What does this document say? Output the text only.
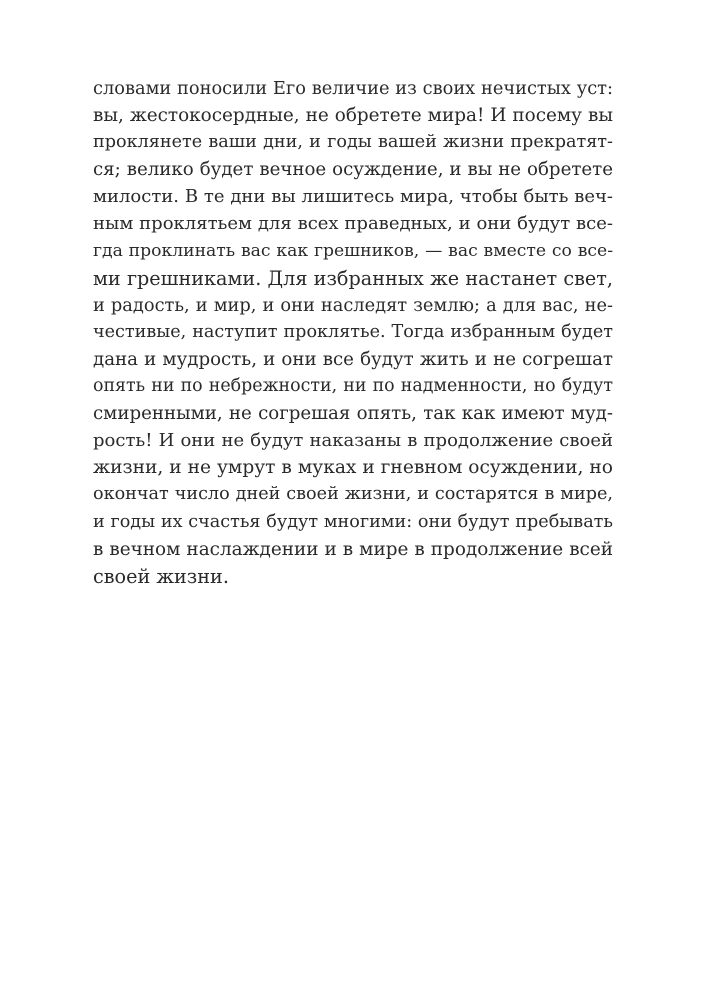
словами поносили Его величие из своих нечистых уст:
вы, жестокосердные, не обретете мира! И посему вы
проклянете ваши дни, и годы вашей жизни прекратят-
ся; велико будет вечное осуждение, и вы не обретете
милости. В те дни вы лишитесь мира, чтобы быть веч-
ным проклятьем для всех праведных, и они будут все-
гда проклинать вас как грешников, — вас вместе со все-
ми грешниками. Для избранных же настанет свет,
и радость, и мир, и они наследят землю; а для вас, не-
честивые, наступит проклятье. Тогда избранным будет
дана и мудрость, и они все будут жить и не согрешат
опять ни по небрежности, ни по надменности, но будут
смиренными, не согрешая опять, так как имеют муд-
рость! И они не будут наказаны в продолжение своей
жизни, и не умрут в муках и гневном осуждении, но
окончат число дней своей жизни, и состарятся в мире,
и годы их счастья будут многими: они будут пребывать
в вечном наслаждении и в мире в продолжение всей
своей жизни.
